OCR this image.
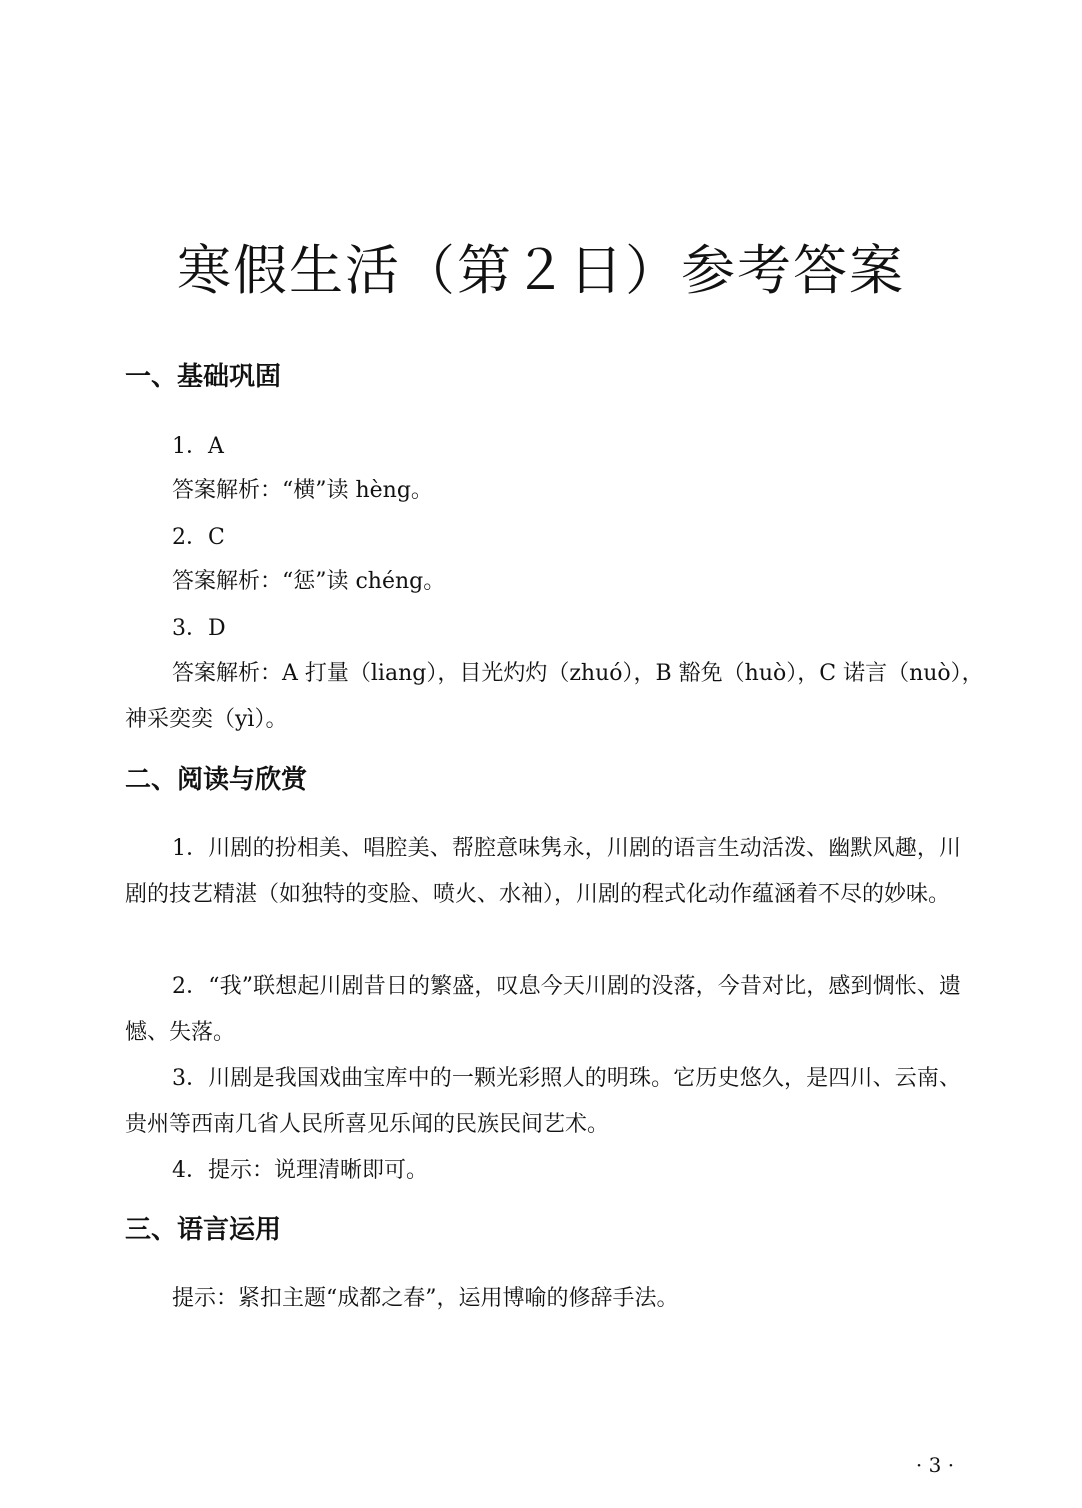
寒假生活（第２日）参考答案
一、基础巩固
1．A
答案解析：“横”读 hèng。
2．C
答案解析：“惩”读 chéng。
3．D
答案解析：A 打量（liang），目光灼灼（zhuó），B 豁免（huò），C 诺言（nuò），
神采奕奕（yì）。
二、阅读与欣赏

1．川剧的扮相美、唱腔美、帮腔意味隽永，川剧的语言生动活泼、幽默风趣，川剧的技艺精湛（如独特的变脸、喷火、水袖），川剧的程式化动作蕴涵着不尽的妙味。

2．“我”联想起川剧昔日的繁盛，叹息今天川剧的没落，今昔对比，感到惆怅、遗憾、失落。

3．川剧是我国戏曲宝库中的一颗光彩照人的明珠。它历史悠久，是四川、云南、贵州等西南几省人民所喜见乐闻的民族民间艺术。

4．提示：说理清晰即可。

三、语言运用

提示：紧扣主题“成都之春”，运用博喻的修辞手法。

· 3 ·
